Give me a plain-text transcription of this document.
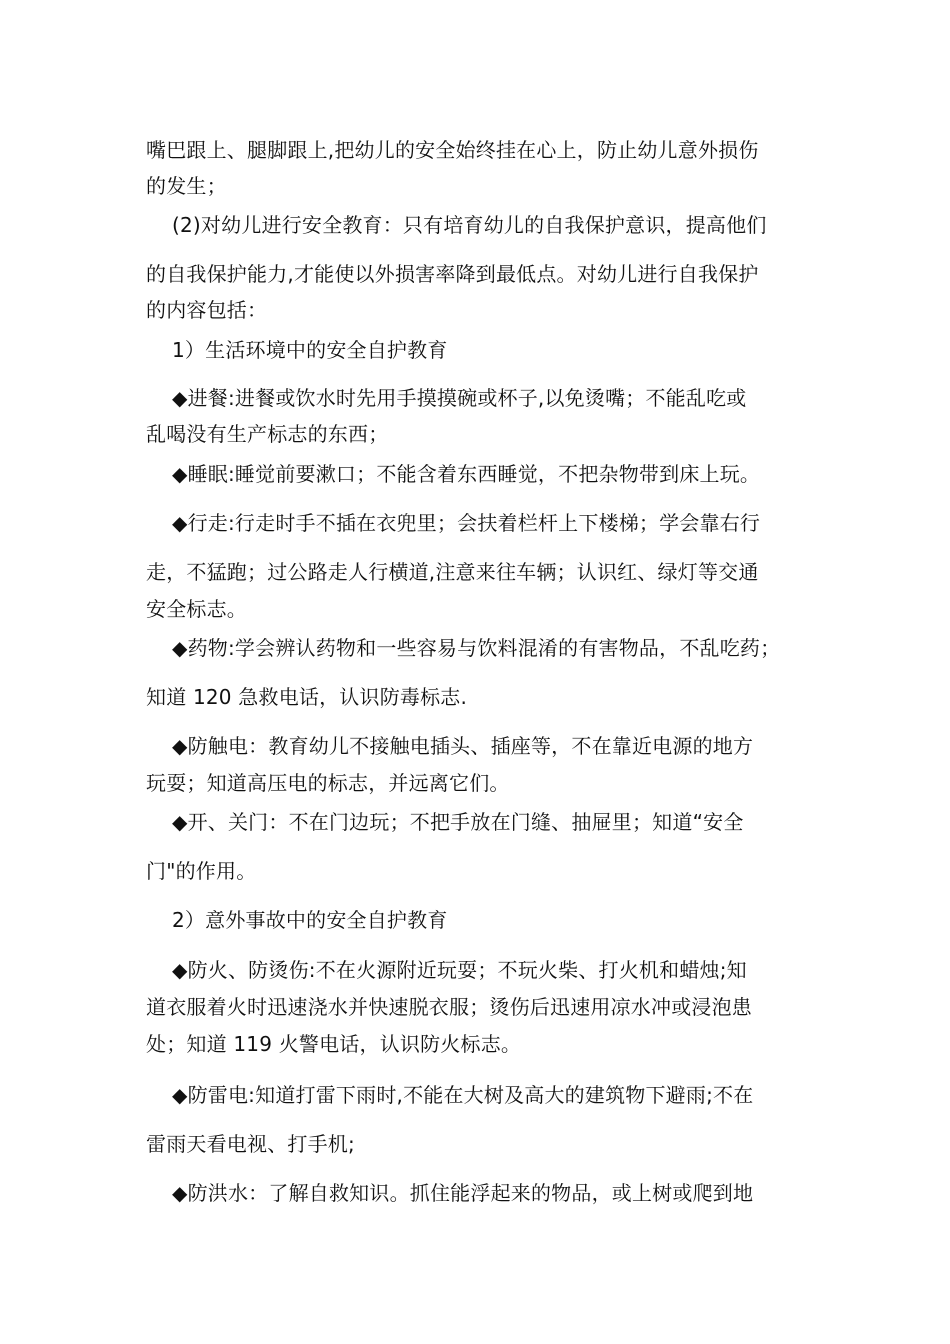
嘴巴跟上、腿脚跟上,把幼儿的安全始终挂在心上，防止幼儿意外损伤
的发生；
(2)对幼儿进行安全教育：只有培育幼儿的自我保护意识，提高他们
的自我保护能力,才能使以外损害率降到最低点。对幼儿进行自我保护
的内容包括：
1）生活环境中的安全自护教育
◆进餐:进餐或饮水时先用手摸摸碗或杯子,以免烫嘴；不能乱吃或
乱喝没有生产标志的东西；
◆睡眠:睡觉前要漱口；不能含着东西睡觉，不把杂物带到床上玩。
◆行走:行走时手不插在衣兜里；会扶着栏杆上下楼梯；学会靠右行
走，不猛跑；过公路走人行横道,注意来往车辆；认识红、绿灯等交通
安全标志。
◆药物:学会辨认药物和一些容易与饮料混淆的有害物品，不乱吃药；
知道 120 急救电话，认识防毒标志.
◆防触电：教育幼儿不接触电插头、插座等，不在靠近电源的地方
玩耍；知道高压电的标志，并远离它们。
◆开、关门：不在门边玩；不把手放在门缝、抽屉里；知道“安全
门"的作用。
2）意外事故中的安全自护教育
◆防火、防烫伤:不在火源附近玩耍；不玩火柴、打火机和蜡烛;知
道衣服着火时迅速浇水并快速脱衣服；烫伤后迅速用凉水冲或浸泡患
处；知道 119 火警电话，认识防火标志。
◆防雷电:知道打雷下雨时,不能在大树及高大的建筑物下避雨;不在
雷雨天看电视、打手机;
◆防洪水：了解自救知识。抓住能浮起来的物品，或上树或爬到地
